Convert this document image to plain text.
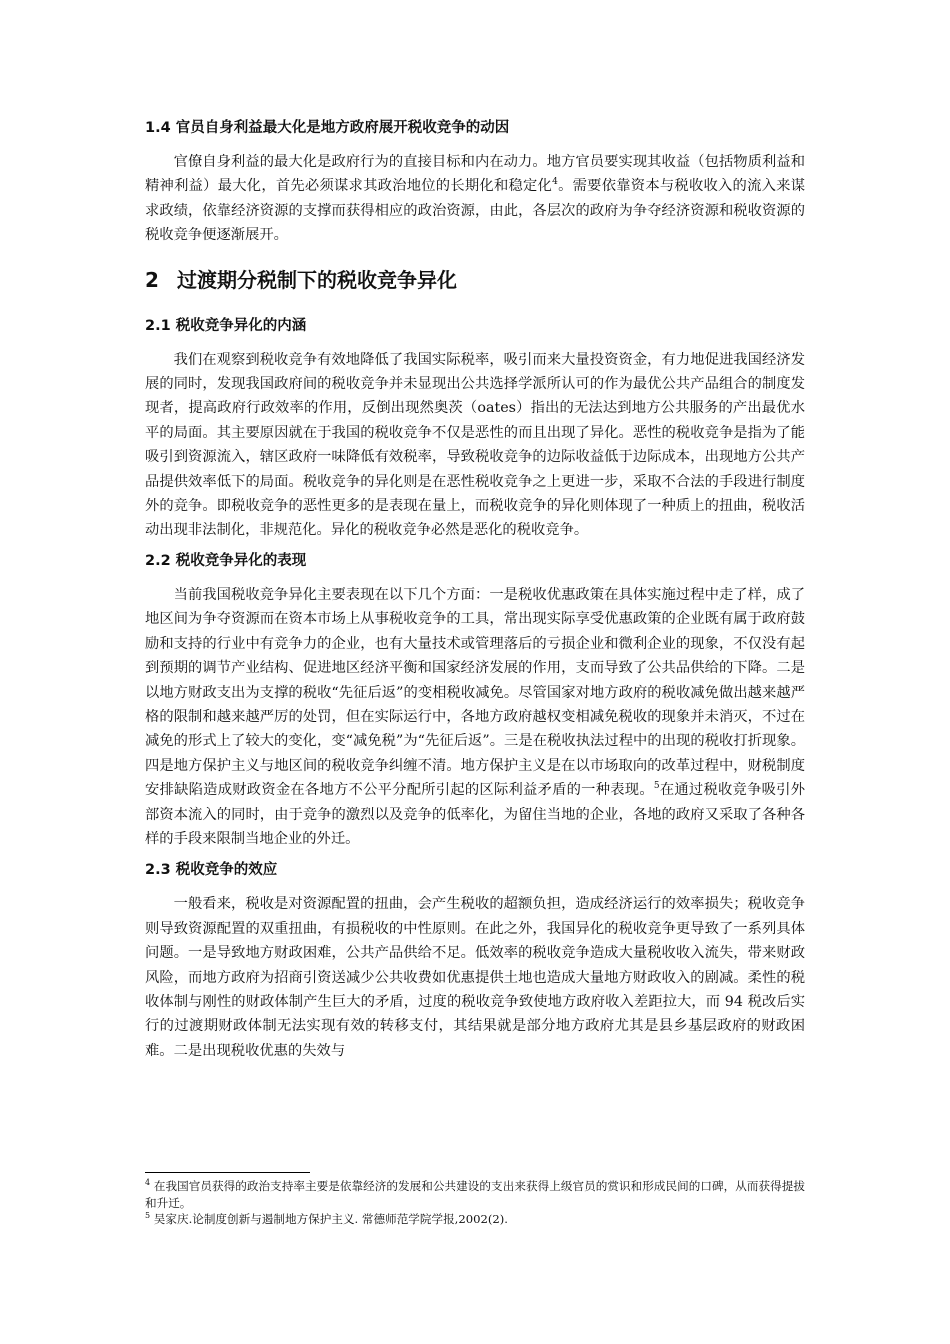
1.4 官员自身利益最大化是地方政府展开税收竞争的动因

官僚自身利益的最大化是政府行为的直接目标和内在动力。地方官员要实现其收益（包括物质利益和精神利益）最大化，首先必须谋求其政治地位的长期化和稳定化$^4$。需要依靠资本与税收收入的流入来谋求政绩，依靠经济资源的支撑而获得相应的政治资源，由此，各层次的政府为争夺经济资源和税收资源的税收竞争便逐渐展开。

2 过渡期分税制下的税收竞争异化
2.1 税收竞争异化的内涵

我们在观察到税收竞争有效地降低了我国实际税率，吸引而来大量投资资金，有力地促进我国经济发展的同时，发现我国政府间的税收竞争并未显现出公共选择学派所认可的作为最优公共产品组合的制度发现者，提高政府行政效率的作用，反倒出现然奥茨（oates）指出的无法达到地方公共服务的产出最优水平的局面。其主要原因就在于我国的税收竞争不仅是恶性的而且出现了异化。恶性的税收竞争是指为了能吸引到资源流入，辖区政府一味降低有效税率，导致税收竞争的边际收益低于边际成本，出现地方公共产品提供效率低下的局面。税收竞争的异化则是在恶性税收竞争之上更进一步，采取不合法的手段进行制度外的竞争。即税收竞争的恶性更多的是表现在量上，而税收竞争的异化则体现了一种质上的扭曲，税收活动出现非法制化，非规范化。异化的税收竞争必然是恶化的税收竞争。

2.2 税收竞争异化的表现

当前我国税收竞争异化主要表现在以下几个方面：一是税收优惠政策在具体实施过程中走了样，成了地区间为争夺资源而在资本市场上从事税收竞争的工具，常出现实际享受优惠政策的企业既有属于政府鼓励和支持的行业中有竞争力的企业，也有大量技术或管理落后的亏损企业和微利企业的现象，不仅没有起到预期的调节产业结构、促进地区经济平衡和国家经济发展的作用，支而导致了公共品供给的下降。二是以地方财政支出为支撑的税收“先征后返”的变相税收减免。尽管国家对地方政府的税收减免做出越来越严格的限制和越来越严厉的处罚，但在实际运行中，各地方政府越权变相减免税收的现象并未消灭，不过在减免的形式上了较大的变化，变“减免税”为“先征后返”。三是在税收执法过程中的出现的税收打折现象。四是地方保护主义与地区间的税收竞争纠缠不清。地方保护主义是在以市场取向的改革过程中，财税制度安排缺陷造成财政资金在各地方不公平分配所引起的区际利益矛盾的一种表现。$^5$在通过税收竞争吸引外部资本流入的同时，由于竞争的激烈以及竞争的低率化，为留住当地的企业，各地的政府又采取了各种各样的手段来限制当地企业的外迁。

2.3 税收竞争的效应

一般看来，税收是对资源配置的扭曲，会产生税收的超额负担，造成经济运行的效率损失；税收竞争则导致资源配置的双重扭曲，有损税收的中性原则。在此之外，我国异化的税收竞争更导致了一系列具体问题。一是导致地方财政困难，公共产品供给不足。低效率的税收竞争造成大量税收收入流失，带来财政风险，而地方政府为招商引资送减少公共收费如优惠提供土地也造成大量地方财政收入的剧减。柔性的税收体制与刚性的财政体制产生巨大的矛盾，过度的税收竞争致使地方政府收入差距拉大，而 94 税改后实行的过渡期财政体制无法实现有效的转移支付，其结果就是部分地方政府尤其是县乡基层政府的财政困难。二是出现税收优惠的失效与

$^4$ 在我国官员获得的政治支持率主要是依靠经济的发展和公共建设的支出来获得上级官员的赏识和形成民间的口碑，从而获得提拔和升迁。

$^5$ 吴家庆.论制度创新与遏制地方保护主义. 常德师范学院学报,2002(2).
